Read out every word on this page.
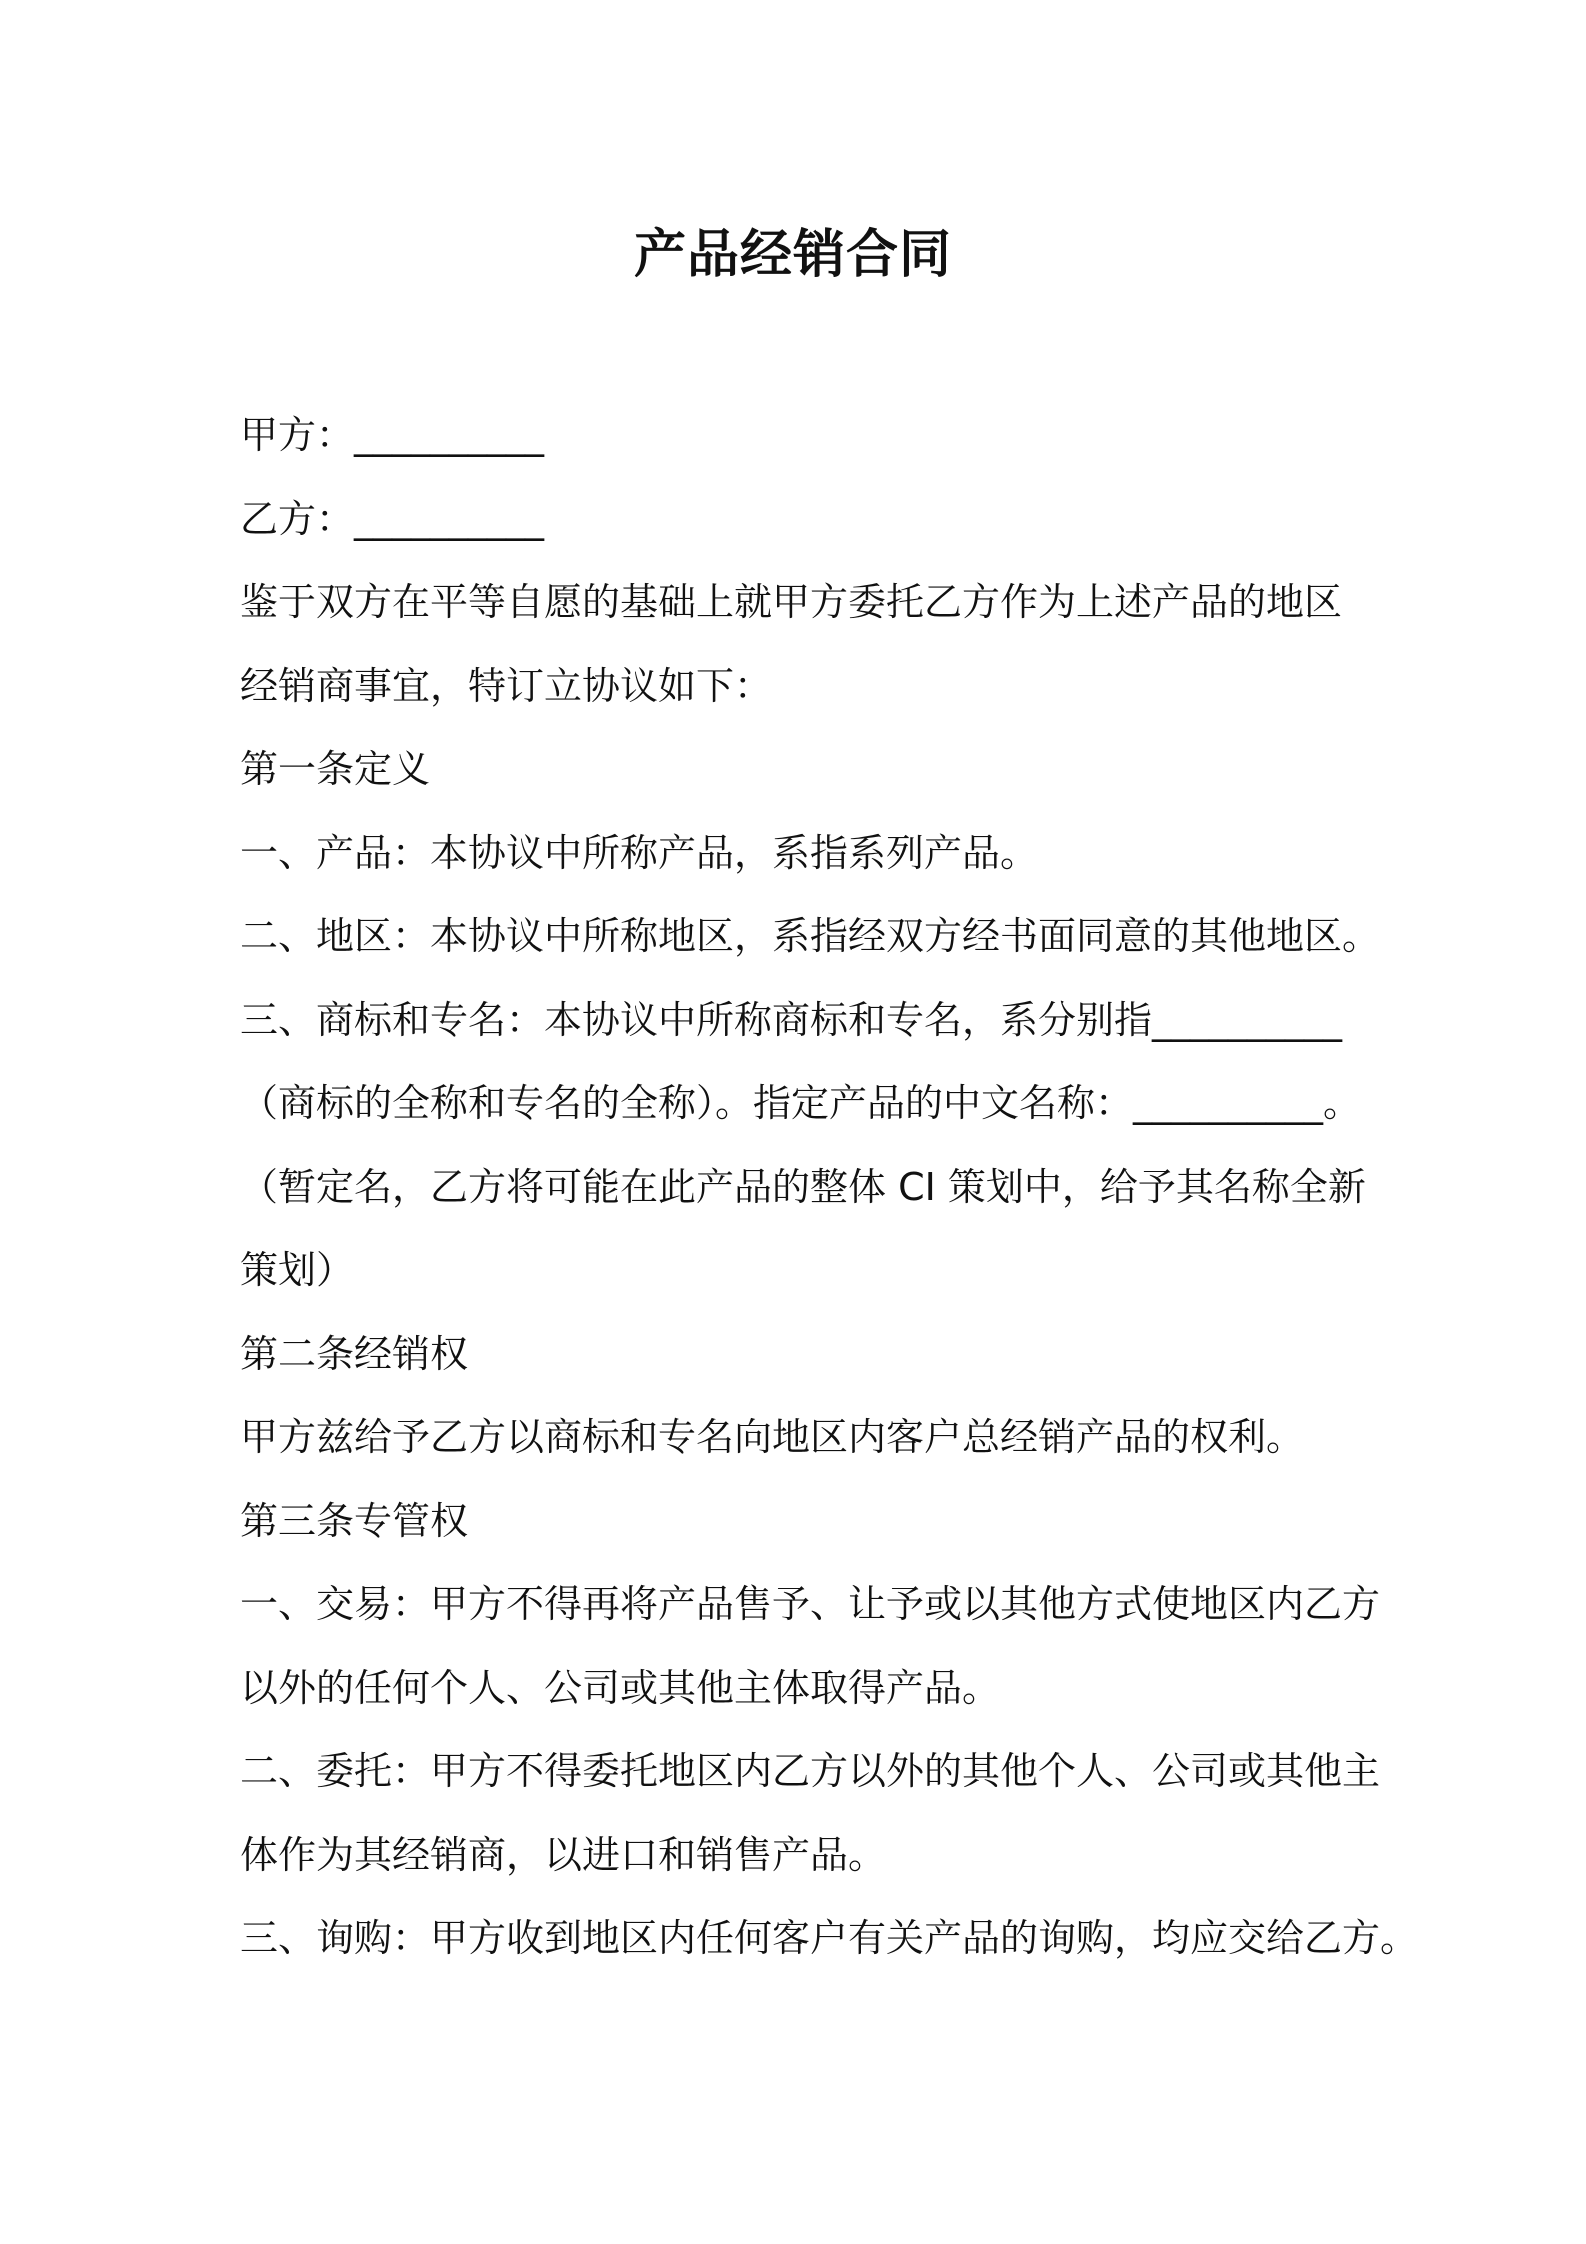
产品经销合同
甲方：__________
乙方：__________
鉴于双方在平等自愿的基础上就甲方委托乙方作为上述产品的地区
经销商事宜，特订立协议如下：
第一条定义
一、产品：本协议中所称产品，系指系列产品。
二、地区：本协议中所称地区，系指经双方经书面同意的其他地区。
三、商标和专名：本协议中所称商标和专名，系分别指__________
（商标的全称和专名的全称）。指定产品的中文名称：__________。
（暂定名，乙方将可能在此产品的整体 CI 策划中，给予其名称全新
策划）
第二条经销权
甲方兹给予乙方以商标和专名向地区内客户总经销产品的权利。
第三条专管权
一、交易：甲方不得再将产品售予、让予或以其他方式使地区内乙方
以外的任何个人、公司或其他主体取得产品。
二、委托：甲方不得委托地区内乙方以外的其他个人、公司或其他主
体作为其经销商，以进口和销售产品。
三、询购：甲方收到地区内任何客户有关产品的询购，均应交给乙方。
